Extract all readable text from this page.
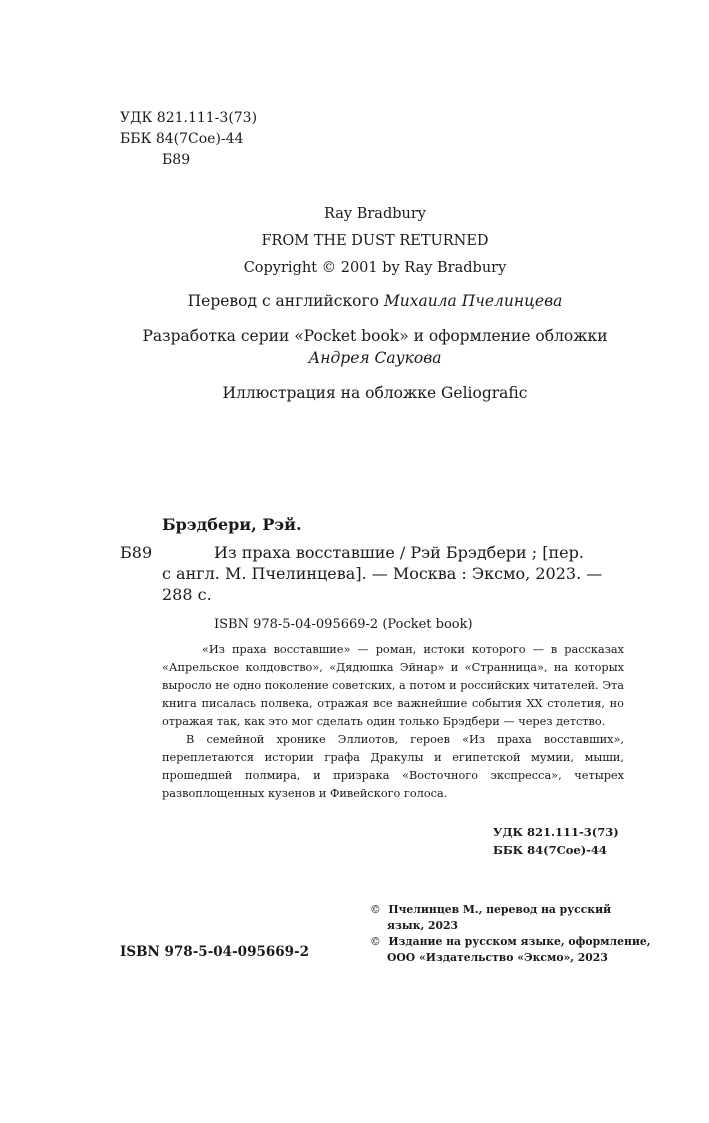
УДК 821.111-3(73)
ББК 84(7Сое)-44
Б89
Ray Bradbury
FROM THE DUST RETURNED
Copyright © 2001 by Ray Bradbury
Перевод с английского Михаила Пчелинцева
Разработка серии «Pocket book» и оформление обложки
Андрея Саукова
Иллюстрация на обложке Geliografic
Брэдбери, Рэй.
Б89	Из праха восставшие / Рэй Брэдбери ; [пер.
с англ. М. Пчелинцева]. — Москва : Эксмо, 2023. —
288 с.
ISBN 978-5-04-095669-2 (Pocket book)

«Из праха восставшие» — роман, истоки которого — в рассказах «Апрельское колдовство», «Дядюшка Эйнар» и «Странница», на которых выросло не одно поколение советских, а потом и российских читателей. Эта книга писалась полвека, отражая все важнейшие события XX столетия, но отражая так, как это мог сделать один только Брэдбери — через детство.

В семейной хронике Эллиотов, героев «Из праха восставших», переплетаются истории графа Дракулы и египетской мумии, мыши, прошедшей полмира, и призрака «Восточного экспресса», четырех развоплощенных кузенов и Фивейского голоса.

УДК 821.111-3(73)
ББК 84(7Сое)-44
ISBN 978-5-04-095669-2
© Пчелинцев М., перевод на русский
язык, 2023
© Издание на русском языке, оформление,
ООО «Издательство «Эксмо», 2023
